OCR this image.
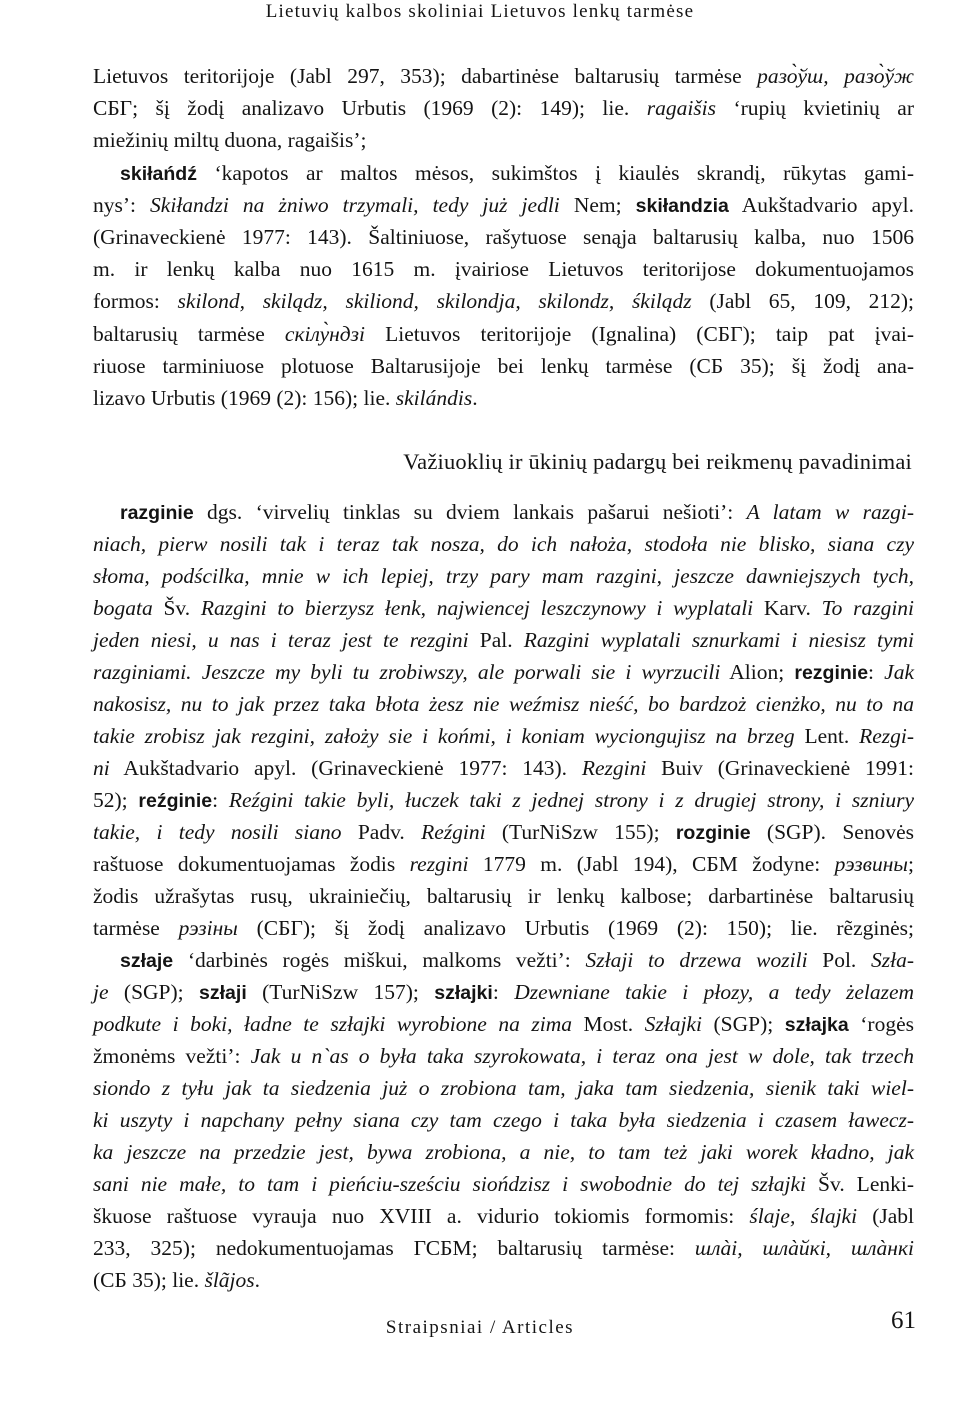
Lietuvių kalbos skoliniai Lietuvos lenkų tarmėse
Lietuvos teritorijoje (Jabl 297, 353); dabartinėse baltarusių tarmėse разо̀ўш, разо̀ўж
СБГ; šį žodį analizavo Urbutis (1969 (2): 149); lie. ragaišis ‘rupių kvietinių ar
miežinių miltų duona, ragaišis’;
skiłańdź ‘kapotos ar maltos mėsos, sukimštos į kiaulės skrandį, rūkytas gami-
nys’: Skiłandzi na żniwo trzymali, tedy już jedli Nem; skiłandzia Aukštadvario apyl.
(Grinaveckienė 1977: 143). Šaltiniuose, rašytuose senąja baltarusių kalba, nuo 1506
m. ir lenkų kalba nuo 1615 m. įvairiose Lietuvos teritorijose dokumentuojamos
formos: skilond, skilądz, skiliond, skilondja, skilondz, śkilądz (Jabl 65, 109, 212);
baltarusių tarmėse скілу̀ндзі Lietuvos teritorijoje (Ignalina) (СБГ); taip pat įvai-
riuose tarminiuose plotuose Baltarusijoje bei lenkų tarmėse (СБ 35); šį žodį ana-
lizavo Urbutis (1969 (2): 156); lie. skilándis.
Važiuoklių ir ūkinių padargų bei reikmenų pavadinimai
razginie dgs. ‘virvelių tinklas su dviem lankais pašarui nešioti’: A latam w razgi-
niach, pierw nosili tak i teraz tak nosza, do ich nałoża, stodoła nie blisko, siana czy
słoma, podścilka, mnie w ich lepiej, trzy pary mam razgini, jeszcze dawniejszych tych,
bogata Šv. Razgini to bierzysz łenk, najwiencej leszczynowy i wyplatali Karv. To razgini
jeden niesi, u nas i teraz jest te rezgini Pal. Razgini wyplatali sznurkami i niesisz tymi
razginiami. Jeszcze my byli tu zrobiwszy, ale porwali sie i wyrzucili Alion; rezginie: Jak
nakosisz, nu to jak przez taka błota żesz nie weźmisz nieść, bo bardzoż cienżko, nu to na
takie zrobisz jak rezgini, założy sie i końmi, i koniam wyciongujisz na brzeg Lent. Rezgi-
ni Aukštadvario apyl. (Grinaveckienė 1977: 143). Rezgini Buiv (Grinaveckienė 1991:
52); reźginie: Reźgini takie byli, łuczek taki z jednej strony i z drugiej strony, i szniury
takie, i tedy nosili siano Padv. Reźgini (TurNiSzw 155); rozginie (SGP). Senovės
raštuose dokumentuojamas žodis rezgini 1779 m. (Jabl 194), СБМ žodyne: рэзвины;
žodis užrašytas rusų, ukrainiečių, baltarusių ir lenkų kalbose; darbartinėse baltarusių
tarmėse рэзіны (СБГ); šį žodį analizavo Urbutis (1969 (2): 150); lie. rẽzginės;
szłaje ‘darbinės rogės miškui, malkoms vežti’: Szłaji to drzewa wozili Pol. Szła-
je (SGP); szłaji (TurNiSzw 157); szłajki: Dzewniane takie i płozy, a tedy żelazem
podkute i boki, ładne te szłajki wyrobione na zima Most. Szłajki (SGP); szłajka ‘rogės
žmonėms vežti’: Jak u n`as o była taka szyrokowata, i teraz ona jest w dole, tak trzech
siondo z tyłu jak ta siedzenia już o zrobiona tam, jaka tam siedzenia, sienik taki wiel-
ki uszyty i napchany pełny siana czy tam czego i taka była siedzenia i czasem ławecz-
ka jeszcze na przedzie jest, bywa zrobiona, a nie, to tam też jaki worek kładno, jak
sani nie małe, to tam i pieńciu-sześciu siońdzisz i swobodnie do tej szłajki Šv. Lenki-
škuose raštuose vyrauja nuo XVIII a. vidurio tokiomis formomis: ślaje, ślajki (Jabl
233, 325); nedokumentuojamas ГСБМ; baltarusių tarmėse: шлàі, шлàйкі, шлàнкі
(СБ 35); lie. šlãjos.
Straipsniai / Articles	61
